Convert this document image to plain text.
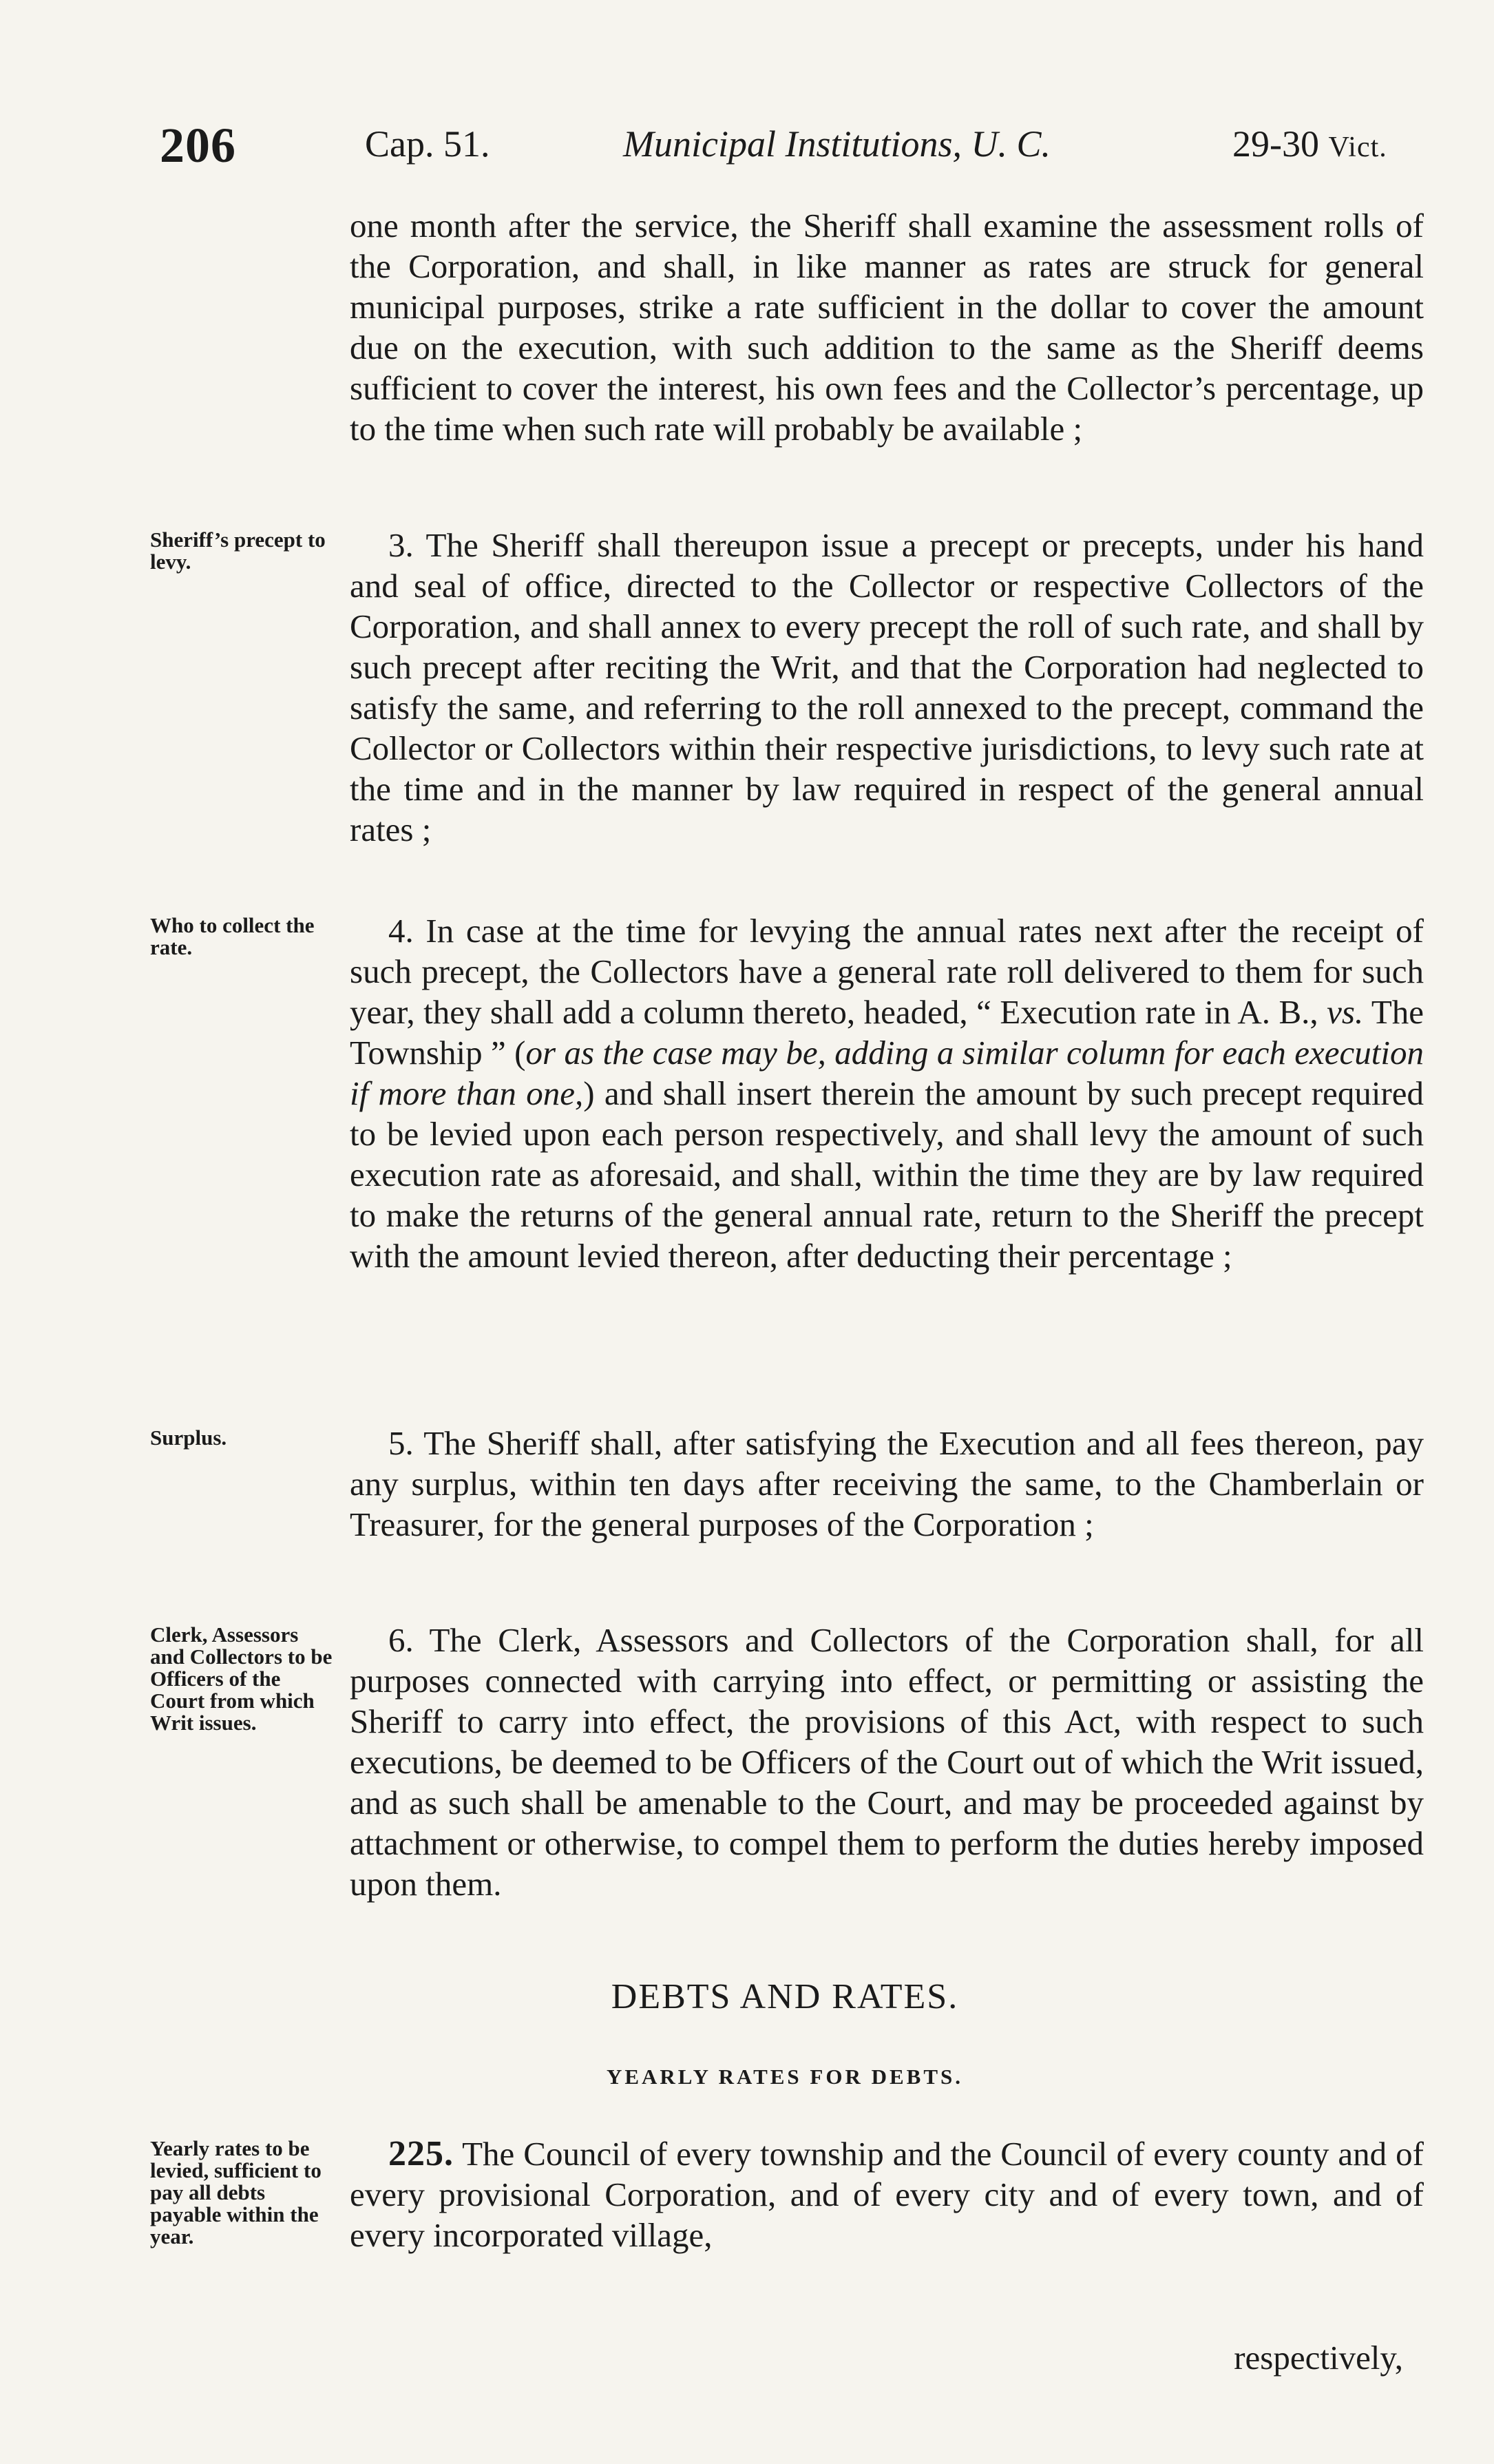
206	Cap. 51.	Municipal Institutions, U. C.	29-30 Vict.
one month after the service, the Sheriff shall examine the assessment rolls of the Corporation, and shall, in like manner as rates are struck for general municipal purposes, strike a rate sufficient in the dollar to cover the amount due on the execution, with such addition to the same as the Sheriff deems sufficient to cover the interest, his own fees and the Collector’s percentage, up to the time when such rate will probably be available ;
Sheriff’s precept to levy.	3. The Sheriff shall thereupon issue a precept or precepts, under his hand and seal of office, directed to the Collector or respective Collectors of the Corporation, and shall annex to every precept the roll of such rate, and shall by such precept after reciting the Writ, and that the Corporation had neglected to satisfy the same, and referring to the roll annexed to the precept, command the Collector or Collectors within their respective jurisdictions, to levy such rate at the time and in the manner by law required in respect of the general annual rates ;
Who to collect the rate.	4. In case at the time for levying the annual rates next after the receipt of such precept, the Collectors have a general rate roll delivered to them for such year, they shall add a column thereto, headed, “ Execution rate in A. B., vs. The Township ” (or as the case may be, adding a similar column for each execution if more than one,) and shall insert therein the amount by such precept required to be levied upon each person respectively, and shall levy the amount of such execution rate as aforesaid, and shall, within the time they are by law required to make the returns of the general annual rate, return to the Sheriff the precept with the amount levied thereon, after deducting their percentage ;
Surplus.	5. The Sheriff shall, after satisfying the Execution and all fees thereon, pay any surplus, within ten days after receiving the same, to the Chamberlain or Treasurer, for the general purposes of the Corporation ;
Clerk, Assessors and Collectors to be Officers of the Court from which Writ issues.
6. The Clerk, Assessors and Collectors of the Corporation shall, for all purposes connected with carrying into effect, or permitting or assisting the Sheriff to carry into effect, the provisions of this Act, with respect to such executions, be deemed to be Officers of the Court out of which the Writ issued, and as such shall be amenable to the Court, and may be proceeded against by attachment or otherwise, to compel them to perform the duties hereby imposed upon them.
DEBTS AND RATES.
YEARLY RATES FOR DEBTS.
Yearly rates to be levied, sufficient to pay all debts payable within the year.
225. The Council of every township and the Council of every county and of every provisional Corporation, and of every city and of every town, and of every incorporated village,
respectively,
